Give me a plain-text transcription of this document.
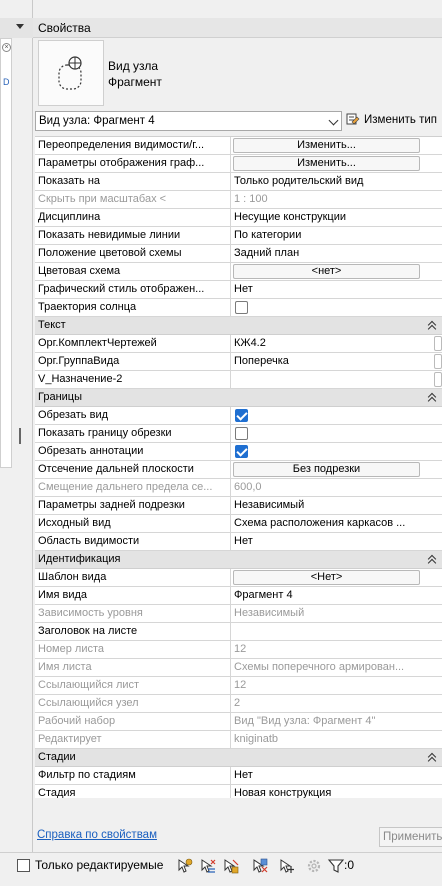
×
D
Свойства
Вид узла
Фрагмент
Вид узла: Фрагмент 4	Изменить тип
Переопределения видимости/г...	Изменить...
Параметры отображения граф...	Изменить...
Показать на	Только родительский вид
Скрыть при масштабах <	1 : 100
Дисциплина	Несущие конструкции
Показать невидимые линии	По категории
Положение цветовой схемы	Задний план
Цветовая схема	<нет>
Графический стиль отображен...	Нет
Траектория солнца
Текст
Орг.КомплектЧертежей	КЖ4.2
Орг.ГруппаВида	Поперечка
V_Назначение-2
Границы
Обрезать вид
Показать границу обрезки
Обрезать аннотации
Отсечение дальней плоскости	Без подрезки
Смещение дальнего предела се...	600,0
Параметры задней подрезки	Независимый
Исходный вид	Схема расположения каркасов ...
Область видимости	Нет
Идентификация
Шаблон вида	<Нет>
Имя вида	Фрагмент 4
Зависимость уровня	Независимый
Заголовок на листе
Номер листа	12
Имя листа	Схемы поперечного армирован...
Ссылающийся лист	12
Ссылающийся узел	2
Рабочий набор	Вид "Вид узла: Фрагмент 4"
Редактирует	kniginatb
Стадии
Фильтр по стадиям	Нет
Стадия	Новая конструкция
Справка по свойствам	Применить
Только редактируемые	:0
